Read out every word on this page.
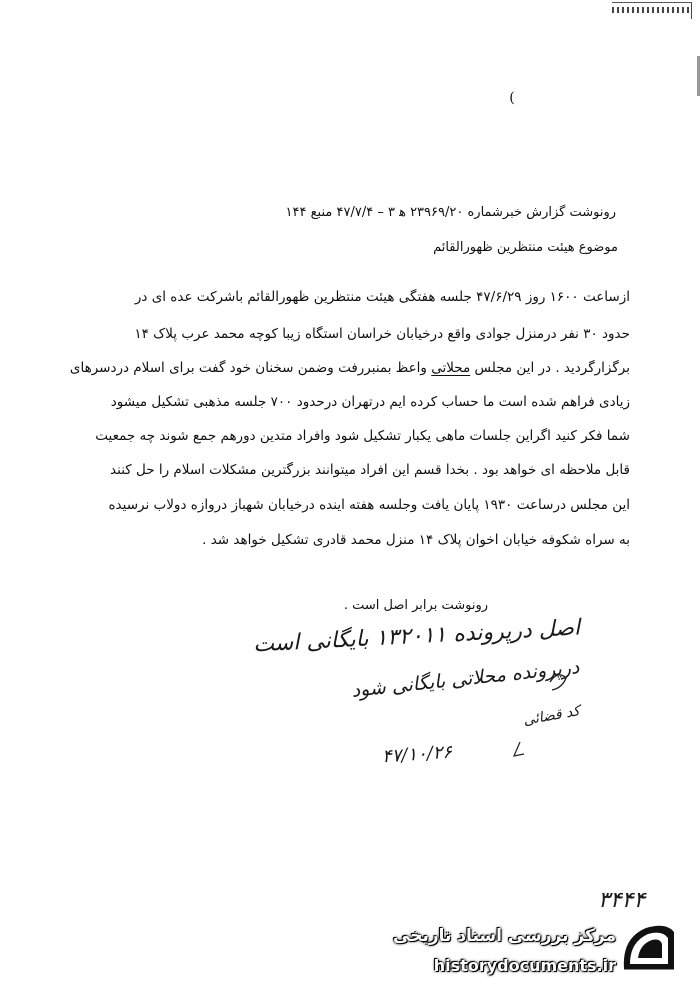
(
رونوشت گزارش خبرشماره ۲۳۹۶۹/۲۰ ه‍ ۳ – ۴۷/۷/۴ منبع ۱۴۴
موضوع هیئت منتظرین ظهورالقائم
ازساعت ۱۶۰۰ روز ۴۷/۶/۲۹ جلسه هفتگی هیئت منتظرین ظهورالقائم باشرکت عده ای در
حدود ۳۰ نفر درمنزل جوادی واقع درخیابان خراسان استگاه زیبا کوچه محمد عرب پلاک ۱۴
برگزارگردید . در این مجلس محلاتی واعظ بمنبررفت وضمن سخنان خود گفت برای اسلام دردسرهای
زیادی فراهم شده است ما حساب کرده ایم درتهران درحدود ۷۰۰ جلسه مذهبی تشکیل میشود
شما فکر کنید اگراین جلسات ماهی یکبار تشکیل شود وافراد متدین دورهم جمع شوند چه جمعیت
قابل ملاحظه ای خواهد بود . بخدا قسم این افراد میتوانند بزرگترین مشکلات اسلام را حل کنند
این مجلس درساعت ۱۹۳۰ پایان یافت وجلسه هفته اینده درخیابان شهباز دروازه دولاب نرسیده
به سراه شکوفه خیابان اخوان پلاک ۱۴ منزل محمد قادری تشکیل خواهد شد .
رونوشت برابر اصل است .
اصل درپرونده ۱۳۲۰۱۱ بایگانی است
درپرونده محلاتی بایگانی شود
کد قضائی
۴۷/۱۰/۲۶
۳۴۴۴
مرکز بررسی اسناد تاریخی
historydocuments.ir
